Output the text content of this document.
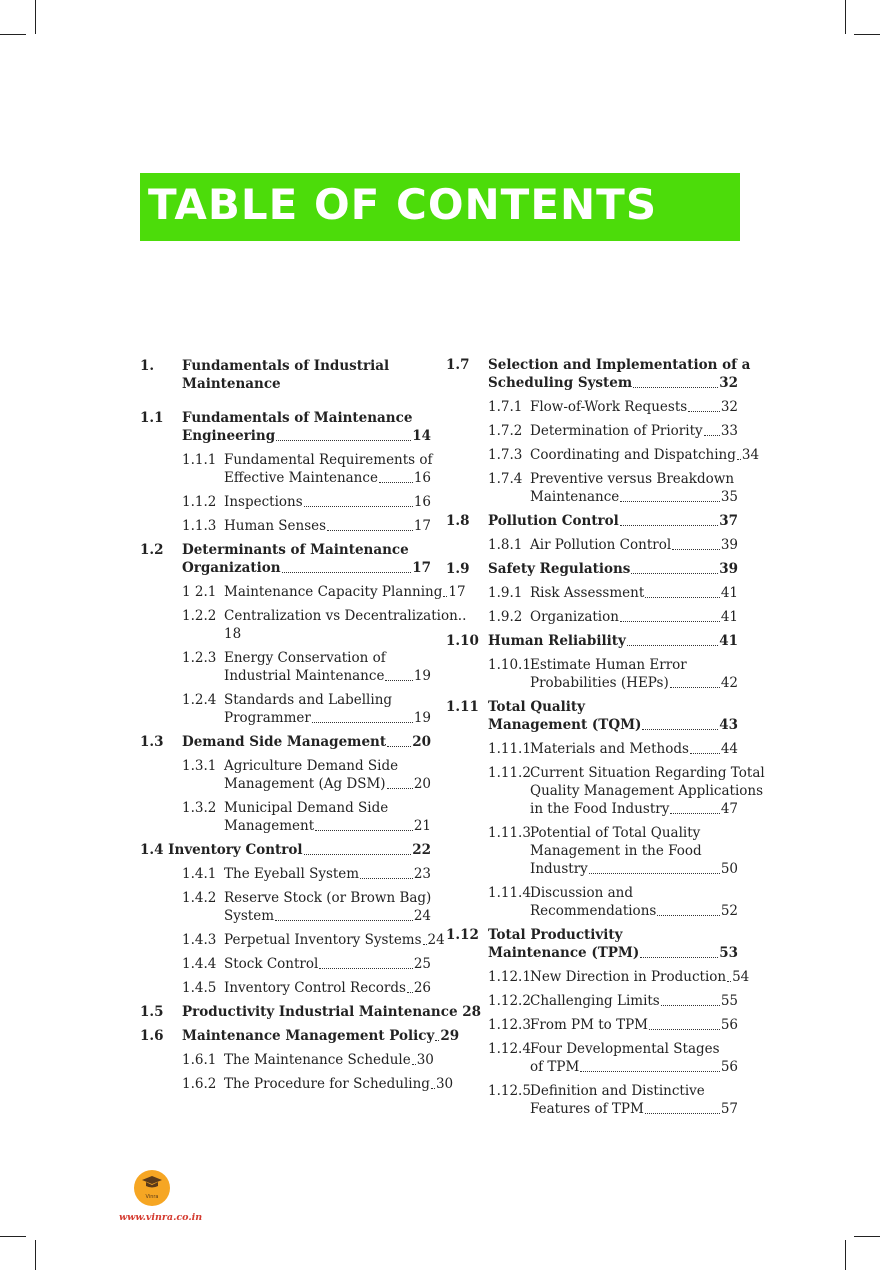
TABLE OF CONTENTS
1. Fundamentals of Industrial
Maintenance
1.1 Fundamentals of Maintenance
Engineering	14
1.1.1 Fundamental Requirements of
Effective Maintenance	16
1.1.2 Inspections	16
1.1.3 Human Senses	17
1.2 Determinants of Maintenance
Organization	17
1 2.1 Maintenance Capacity Planning 17
1.2.2 Centralization vs Decentralization..
18
1.2.3 Energy Conservation of
Industrial Maintenance 19
1.2.4 Standards and Labelling
Programmer	19
1.3 Demand Side Management 20
1.3.1 Agriculture Demand Side
Management (Ag DSM) 20
1.3.2 Municipal Demand Side
Management	21
1.4 Inventory Control	22
1.4.1 The Eyeball System	23
1.4.2 Reserve Stock (or Brown Bag)
System	24
1.4.3 Perpetual Inventory Systems 24
1.4.4 Stock Control	25
1.4.5 Inventory Control Records 26
1.5 Productivity Industrial Maintenance 28
1.6 Maintenance Management Policy 29
1.6.1 The Maintenance Schedule 30
1.6.2 The Procedure for Scheduling 30
1.7 Selection and Implementation of a
Scheduling System	32
1.7.1 Flow-of-Work Requests 32
1.7.2 Determination of Priority 33
1.7.3 Coordinating and Dispatching 34
1.7.4 Preventive versus Breakdown
Maintenance	35
1.8 Pollution Control	37
1.8.1 Air Pollution Control	39
1.9 Safety Regulations	39
1.9.1 Risk Assessment	41
1.9.2 Organization	41
1.10 Human Reliability	41
1.10.1 Estimate Human Error
Probabilities (HEPs)	42
1.11 Total Quality
Management (TQM)	43
1.11.1 Materials and Methods 44
1.11.2 Current Situation Regarding Total
Quality Management Applications
in the Food Industry	47
1.11.3 Potential of Total Quality
Management in the Food
Industry	50
1.11.4 Discussion and
Recommendations	52
1.12 Total Productivity
Maintenance (TPM)	53
1.12.1 New Direction in Production 54
1.12.2 Challenging Limits	55
1.12.3 From PM to TPM	56
1.12.4 Four Developmental Stages
of TPM	56
1.12.5 Definition and Distinctive
Features of TPM	57
Vinra
www.vinra.co.in
